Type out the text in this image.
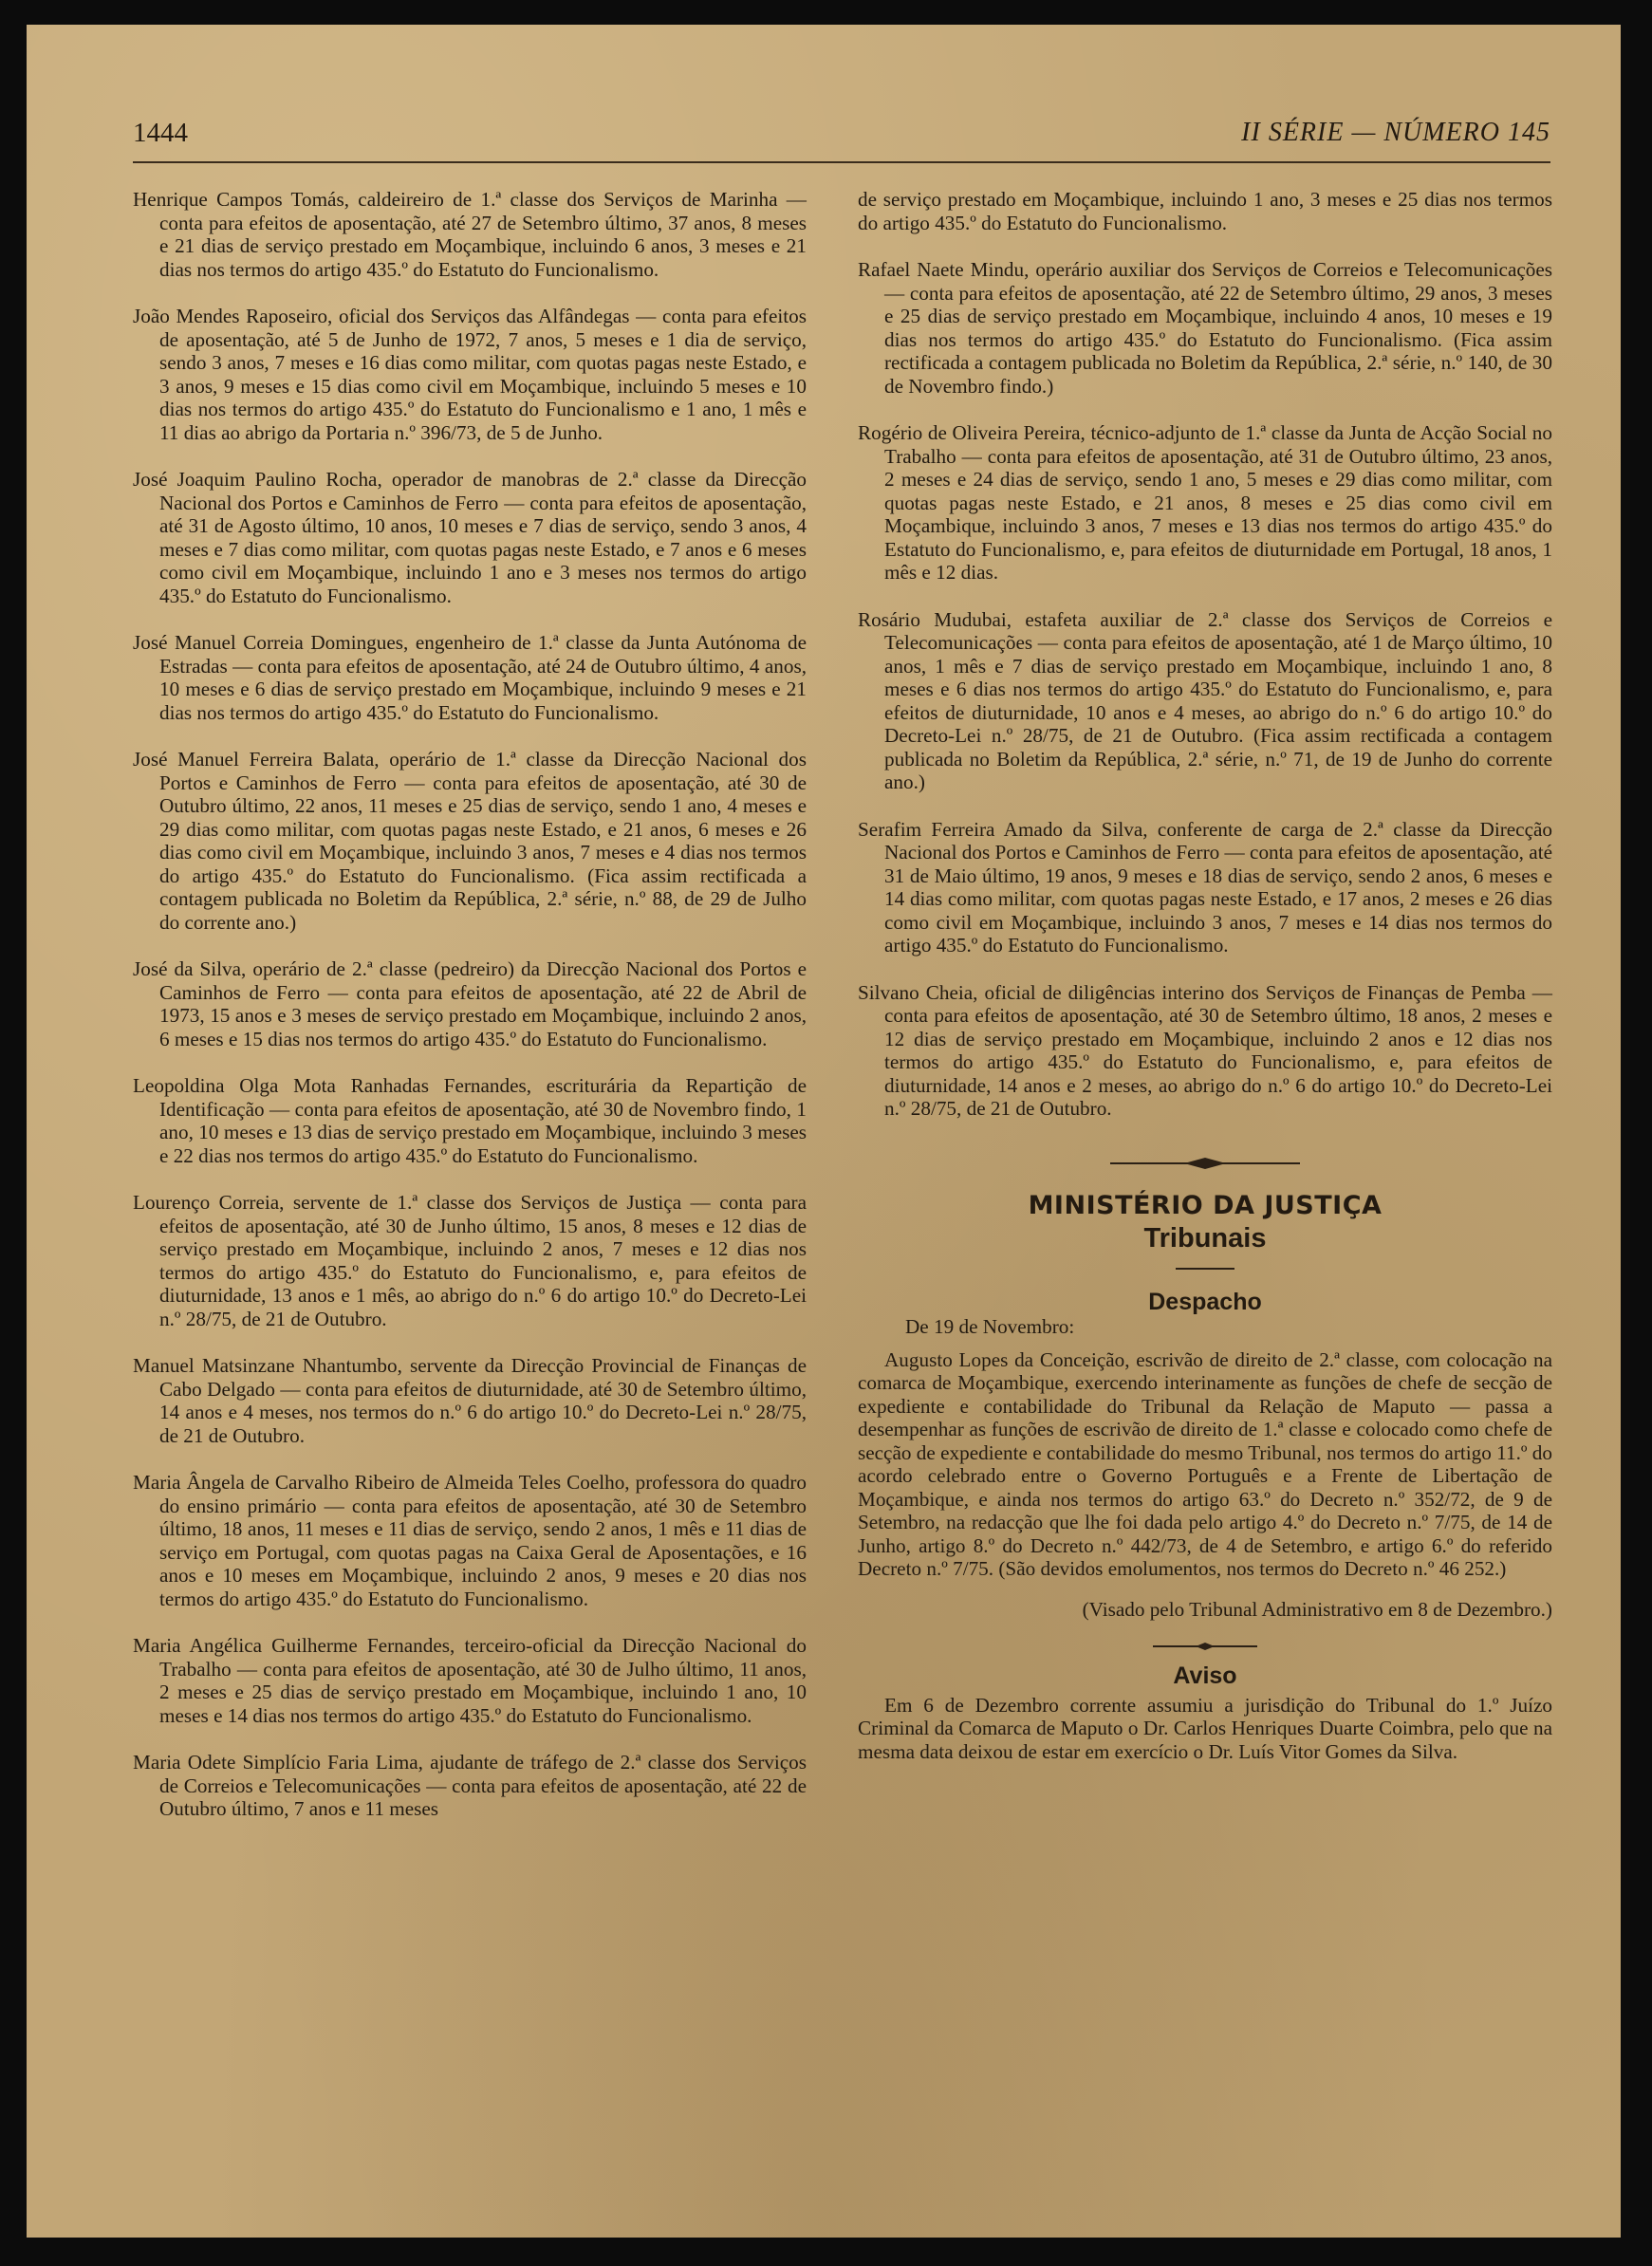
1444	II SÉRIE — NÚMERO 145

Henrique Campos Tomás, caldeireiro de 1.ª classe dos Serviços de Marinha — conta para efeitos de aposentação, até 27 de Setembro último, 37 anos, 8 meses e 21 dias de serviço prestado em Moçambique, incluindo 6 anos, 3 meses e 21 dias nos termos do artigo 435.º do Estatuto do Funcionalismo.

João Mendes Raposeiro, oficial dos Serviços das Alfândegas — conta para efeitos de aposentação, até 5 de Junho de 1972, 7 anos, 5 meses e 1 dia de serviço, sendo 3 anos, 7 meses e 16 dias como militar, com quotas pagas neste Estado, e 3 anos, 9 meses e 15 dias como civil em Moçambique, incluindo 5 meses e 10 dias nos termos do artigo 435.º do Estatuto do Funcionalismo e 1 ano, 1 mês e 11 dias ao abrigo da Portaria n.º 396/73, de 5 de Junho.

José Joaquim Paulino Rocha, operador de manobras de 2.ª classe da Direcção Nacional dos Portos e Caminhos de Ferro — conta para efeitos de aposentação, até 31 de Agosto último, 10 anos, 10 meses e 7 dias de serviço, sendo 3 anos, 4 meses e 7 dias como militar, com quotas pagas neste Estado, e 7 anos e 6 meses como civil em Moçambique, incluindo 1 ano e 3 meses nos termos do artigo 435.º do Estatuto do Funcionalismo.

José Manuel Correia Domingues, engenheiro de 1.ª classe da Junta Autónoma de Estradas — conta para efeitos de aposentação, até 24 de Outubro último, 4 anos, 10 meses e 6 dias de serviço prestado em Moçambique, incluindo 9 meses e 21 dias nos termos do artigo 435.º do Estatuto do Funcionalismo.

José Manuel Ferreira Balata, operário de 1.ª classe da Direcção Nacional dos Portos e Caminhos de Ferro — conta para efeitos de aposentação, até 30 de Outubro último, 22 anos, 11 meses e 25 dias de serviço, sendo 1 ano, 4 meses e 29 dias como militar, com quotas pagas neste Estado, e 21 anos, 6 meses e 26 dias como civil em Moçambique, incluindo 3 anos, 7 meses e 4 dias nos termos do artigo 435.º do Estatuto do Funcionalismo. (Fica assim rectificada a contagem publicada no Boletim da República, 2.ª série, n.º 88, de 29 de Julho do corrente ano.)

José da Silva, operário de 2.ª classe (pedreiro) da Direcção Nacional dos Portos e Caminhos de Ferro — conta para efeitos de aposentação, até 22 de Abril de 1973, 15 anos e 3 meses de serviço prestado em Moçambique, incluindo 2 anos, 6 meses e 15 dias nos termos do artigo 435.º do Estatuto do Funcionalismo.

Leopoldina Olga Mota Ranhadas Fernandes, escriturária da Repartição de Identificação — conta para efeitos de aposentação, até 30 de Novembro findo, 1 ano, 10 meses e 13 dias de serviço prestado em Moçambique, incluindo 3 meses e 22 dias nos termos do artigo 435.º do Estatuto do Funcionalismo.

Lourenço Correia, servente de 1.ª classe dos Serviços de Justiça — conta para efeitos de aposentação, até 30 de Junho último, 15 anos, 8 meses e 12 dias de serviço prestado em Moçambique, incluindo 2 anos, 7 meses e 12 dias nos termos do artigo 435.º do Estatuto do Funcionalismo, e, para efeitos de diuturnidade, 13 anos e 1 mês, ao abrigo do n.º 6 do artigo 10.º do Decreto-Lei n.º 28/75, de 21 de Outubro.

Manuel Matsinzane Nhantumbo, servente da Direcção Provincial de Finanças de Cabo Delgado — conta para efeitos de diuturnidade, até 30 de Setembro último, 14 anos e 4 meses, nos termos do n.º 6 do artigo 10.º do Decreto-Lei n.º 28/75, de 21 de Outubro.

Maria Ângela de Carvalho Ribeiro de Almeida Teles Coelho, professora do quadro do ensino primário — conta para efeitos de aposentação, até 30 de Setembro último, 18 anos, 11 meses e 11 dias de serviço, sendo 2 anos, 1 mês e 11 dias de serviço em Portugal, com quotas pagas na Caixa Geral de Aposentações, e 16 anos e 10 meses em Moçambique, incluindo 2 anos, 9 meses e 20 dias nos termos do artigo 435.º do Estatuto do Funcionalismo.

Maria Angélica Guilherme Fernandes, terceiro-oficial da Direcção Nacional do Trabalho — conta para efeitos de aposentação, até 30 de Julho último, 11 anos, 2 meses e 25 dias de serviço prestado em Moçambique, incluindo 1 ano, 10 meses e 14 dias nos termos do artigo 435.º do Estatuto do Funcionalismo.

Maria Odete Simplício Faria Lima, ajudante de tráfego de 2.ª classe dos Serviços de Correios e Telecomunicações — conta para efeitos de aposentação, até 22 de Outubro último, 7 anos e 11 meses

de serviço prestado em Moçambique, incluindo 1 ano, 3 meses e 25 dias nos termos do artigo 435.º do Estatuto do Funcionalismo.

Rafael Naete Mindu, operário auxiliar dos Serviços de Correios e Telecomunicações — conta para efeitos de aposentação, até 22 de Setembro último, 29 anos, 3 meses e 25 dias de serviço prestado em Moçambique, incluindo 4 anos, 10 meses e 19 dias nos termos do artigo 435.º do Estatuto do Funcionalismo. (Fica assim rectificada a contagem publicada no Boletim da República, 2.ª série, n.º 140, de 30 de Novembro findo.)

Rogério de Oliveira Pereira, técnico-adjunto de 1.ª classe da Junta de Acção Social no Trabalho — conta para efeitos de aposentação, até 31 de Outubro último, 23 anos, 2 meses e 24 dias de serviço, sendo 1 ano, 5 meses e 29 dias como militar, com quotas pagas neste Estado, e 21 anos, 8 meses e 25 dias como civil em Moçambique, incluindo 3 anos, 7 meses e 13 dias nos termos do artigo 435.º do Estatuto do Funcionalismo, e, para efeitos de diuturnidade em Portugal, 18 anos, 1 mês e 12 dias.

Rosário Mudubai, estafeta auxiliar de 2.ª classe dos Serviços de Correios e Telecomunicações — conta para efeitos de aposentação, até 1 de Março último, 10 anos, 1 mês e 7 dias de serviço prestado em Moçambique, incluindo 1 ano, 8 meses e 6 dias nos termos do artigo 435.º do Estatuto do Funcionalismo, e, para efeitos de diuturnidade, 10 anos e 4 meses, ao abrigo do n.º 6 do artigo 10.º do Decreto-Lei n.º 28/75, de 21 de Outubro. (Fica assim rectificada a contagem publicada no Boletim da República, 2.ª série, n.º 71, de 19 de Junho do corrente ano.)

Serafim Ferreira Amado da Silva, conferente de carga de 2.ª classe da Direcção Nacional dos Portos e Caminhos de Ferro — conta para efeitos de aposentação, até 31 de Maio último, 19 anos, 9 meses e 18 dias de serviço, sendo 2 anos, 6 meses e 14 dias como militar, com quotas pagas neste Estado, e 17 anos, 2 meses e 26 dias como civil em Moçambique, incluindo 3 anos, 7 meses e 14 dias nos termos do artigo 435.º do Estatuto do Funcionalismo.

Silvano Cheia, oficial de diligências interino dos Serviços de Finanças de Pemba — conta para efeitos de aposentação, até 30 de Setembro último, 18 anos, 2 meses e 12 dias de serviço prestado em Moçambique, incluindo 2 anos e 12 dias nos termos do artigo 435.º do Estatuto do Funcionalismo, e, para efeitos de diuturnidade, 14 anos e 2 meses, ao abrigo do n.º 6 do artigo 10.º do Decreto-Lei n.º 28/75, de 21 de Outubro.

MINISTÉRIO DA JUSTIÇA
Tribunais
Despacho

De 19 de Novembro:

Augusto Lopes da Conceição, escrivão de direito de 2.ª classe, com colocação na comarca de Moçambique, exercendo interinamente as funções de chefe de secção de expediente e contabilidade do Tribunal da Relação de Maputo — passa a desempenhar as funções de escrivão de direito de 1.ª classe e colocado como chefe de secção de expediente e contabilidade do mesmo Tribunal, nos termos do artigo 11.º do acordo celebrado entre o Governo Português e a Frente de Libertação de Moçambique, e ainda nos termos do artigo 63.º do Decreto n.º 352/72, de 9 de Setembro, na redacção que lhe foi dada pelo artigo 4.º do Decreto n.º 7/75, de 14 de Junho, artigo 8.º do Decreto n.º 442/73, de 4 de Setembro, e artigo 6.º do referido Decreto n.º 7/75. (São devidos emolumentos, nos termos do Decreto n.º 46 252.)

(Visado pelo Tribunal Administrativo em 8 de Dezembro.)

Aviso

Em 6 de Dezembro corrente assumiu a jurisdição do Tribunal do 1.º Juízo Criminal da Comarca de Maputo o Dr. Carlos Henriques Duarte Coimbra, pelo que na mesma data deixou de estar em exercício o Dr. Luís Vitor Gomes da Silva.
